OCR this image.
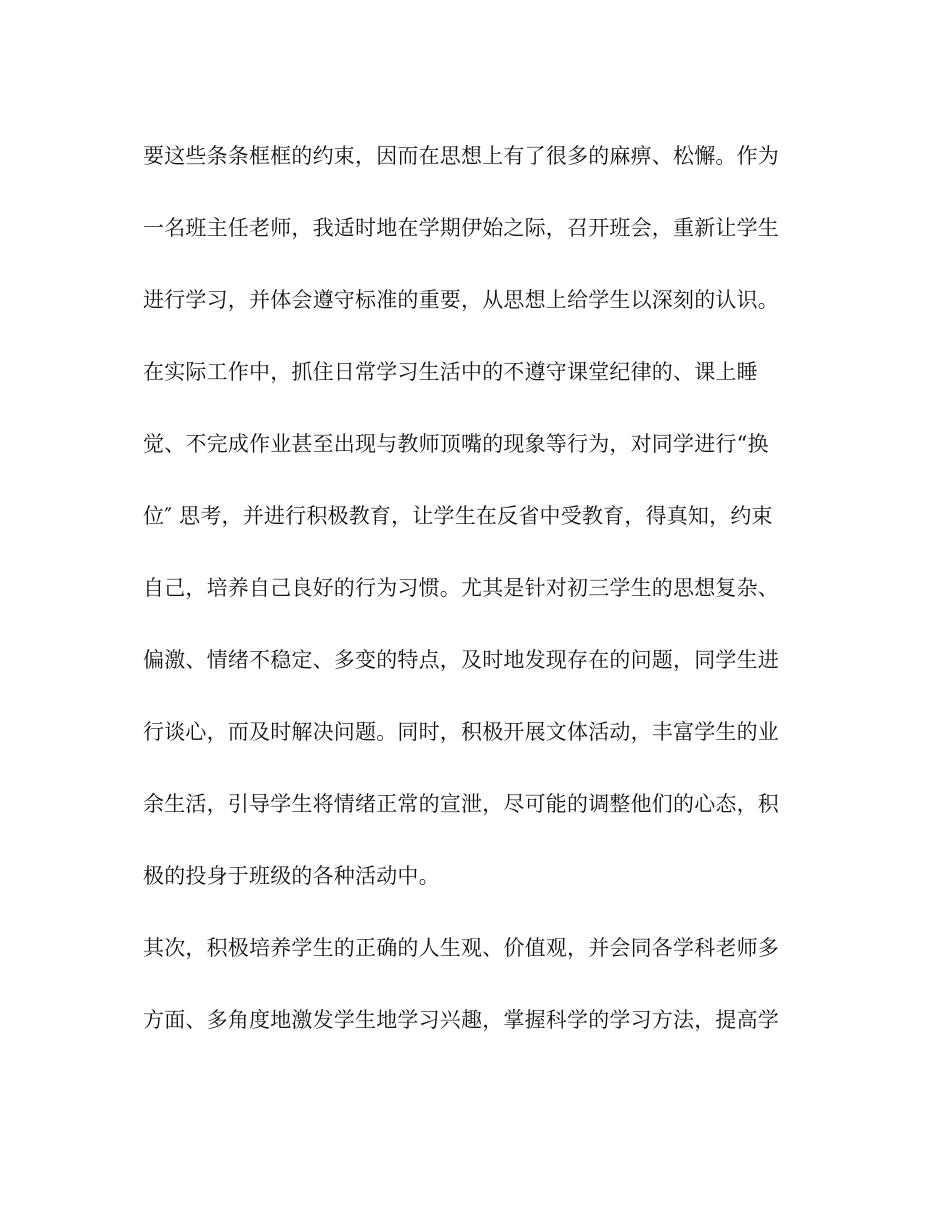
要这些条条框框的约束，因而在思想上有了很多的麻痹、松懈。作为
一名班主任老师，我适时地在学期伊始之际，召开班会，重新让学生
进行学习，并体会遵守标准的重要，从思想上给学生以深刻的认识。
在实际工作中，抓住日常学习生活中的不遵守课堂纪律的、课上睡
觉、不完成作业甚至出现与教师顶嘴的现象等行为，对同学进行“换
位″ 思考，并进行积极教育，让学生在反省中受教育，得真知，约束
自己，培养自己良好的行为习惯。尤其是针对初三学生的思想复杂、
偏激、情绪不稳定、多变的特点，及时地发现存在的问题，同学生进
行谈心，而及时解决问题。同时，积极开展文体活动，丰富学生的业
余生活，引导学生将情绪正常的宣泄，尽可能的调整他们的心态，积
极的投身于班级的各种活动中。
其次，积极培养学生的正确的人生观、价值观，并会同各学科老师多
方面、多角度地激发学生地学习兴趣，掌握科学的学习方法，提高学
